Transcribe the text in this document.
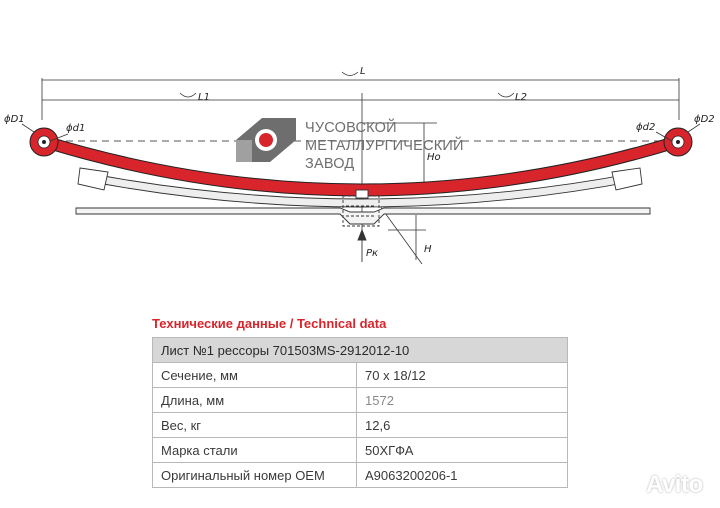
L
L1	L2
Ho
H
Pк
ϕD1
ϕd1	ϕd2
ϕD2
ЧУСОВСКОЙ
МЕТАЛЛУРГИЧЕСКИЙ
ЗАВОД
Технические данные / Technical data
Лист №1 рессоры 701503MS-2912012-10	
Сечение, мм	70 x 18/12
Длина, мм	1572
Вес, кг	12,6
Марка стали	50ХГФА
Оригинальный номер OEM	A9063200206-1	Avito
